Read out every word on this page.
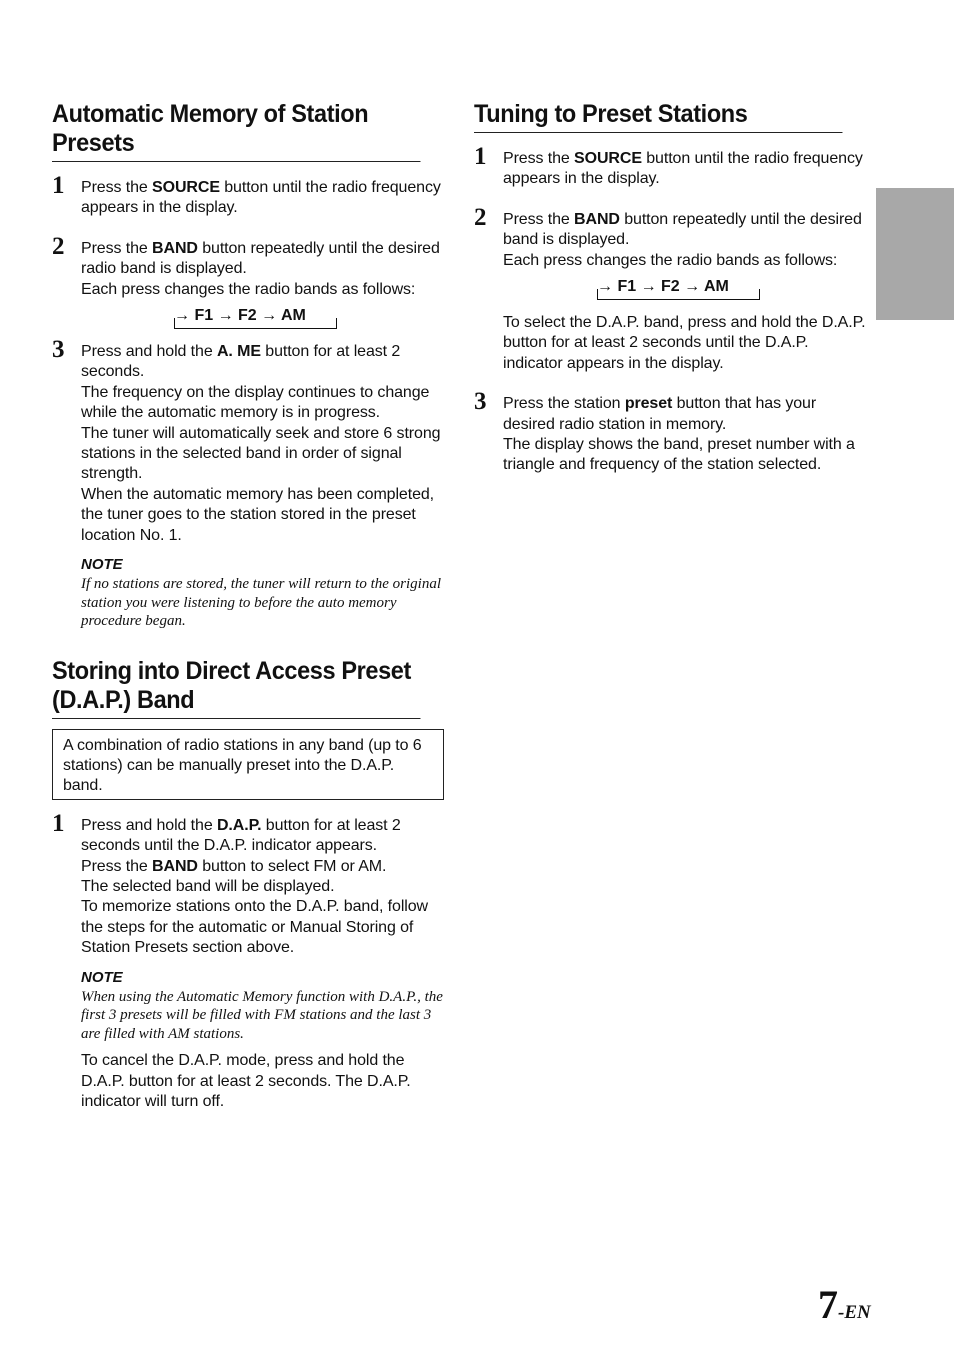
Automatic Memory of Station Presets
1 Press the SOURCE button until the radio frequency appears in the display.

2 Press the BAND button repeatedly until the desired radio band is displayed.

Each press changes the radio bands as follows:

→ F1 → F2 → AM
3 Press and hold the A. ME button for at least 2 seconds.

The frequency on the display continues to change while the automatic memory is in progress.

The tuner will automatically seek and store 6 strong stations in the selected band in order of signal strength.

When the automatic memory has been completed, the tuner goes to the station stored in the preset location No. 1.

NOTE

If no stations are stored, the tuner will return to the original station you were listening to before the auto memory procedure began.

Storing into Direct Access Preset (D.A.P.) Band

A combination of radio stations in any band (up to 6 stations) can be manually preset into the D.A.P. band.

1 Press and hold the D.A.P. button for at least 2 seconds until the D.A.P. indicator appears.

Press the BAND button to select FM or AM.

The selected band will be displayed.

To memorize stations onto the D.A.P. band, follow the steps for the automatic or Manual Storing of Station Presets section above.

NOTE

When using the Automatic Memory function with D.A.P., the first 3 presets will be filled with FM stations and the last 3 are filled with AM stations.

To cancel the D.A.P. mode, press and hold the D.A.P. button for at least 2 seconds. The D.A.P. indicator will turn off.

Tuning to Preset Stations
1 Press the SOURCE button until the radio frequency appears in the display.

2 Press the BAND button repeatedly until the desired band is displayed.

Each press changes the radio bands as follows:

→ F1 → F2 → AM

To select the D.A.P. band, press and hold the D.A.P. button for at least 2 seconds until the D.A.P. indicator appears in the display.

3 Press the station preset button that has your desired radio station in memory.

The display shows the band, preset number with a triangle and frequency of the station selected.

7-EN
